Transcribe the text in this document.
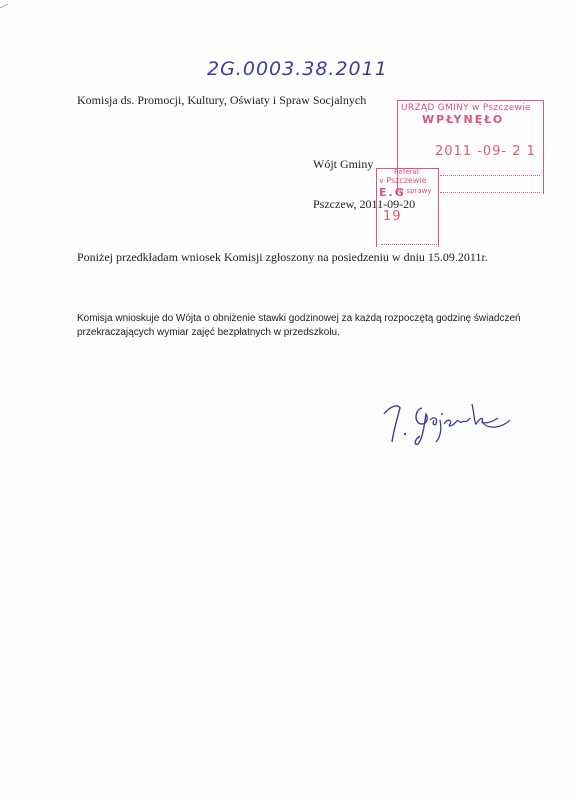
2G.0003.38.2011
Komisja ds. Promocji, Kultury, Oświaty i Spraw Socjalnych
Wójt Gminy
Pszczew, 2011-09-20
URZĄD GMINY w Pszczewie
WPŁYNĘŁO
2011 -09- 2 1
Referat
v Pszczewie
E.G
Nr sprawy
19
Poniżej przedkładam wniosek Komisji zgłoszony na posiedzeniu w dniu 15.09.2011r.
Komisja wnioskuje do Wójta o obniżenie stawki godzinowej za każdą rozpoczętą godzinę świadczeń
przekraczających wymiar zajęć bezpłatnych w przedszkolu.
